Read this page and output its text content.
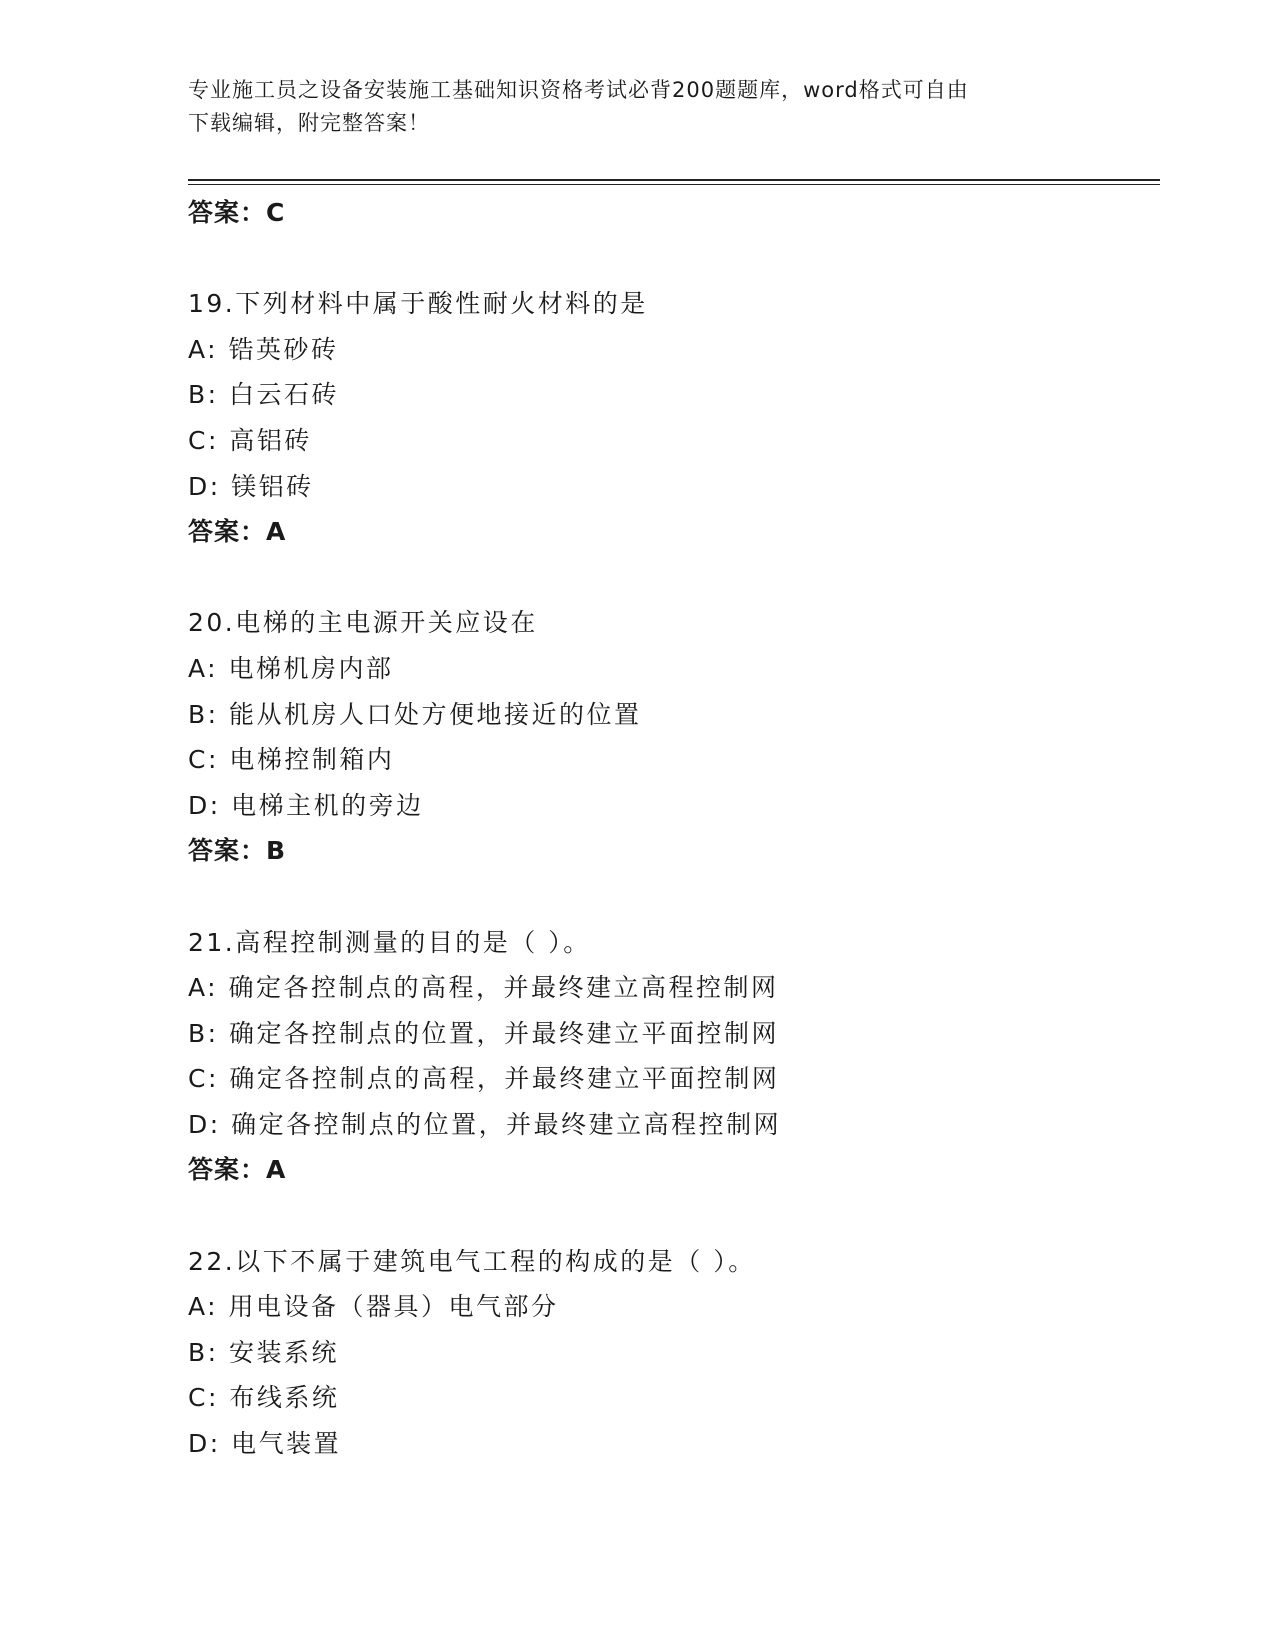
专业施工员之设备安装施工基础知识资格考试必背200题题库，word格式可自由
下载编辑，附完整答案！
答案：C
19.下列材料中属于酸性耐火材料的是
A: 锆英砂砖
B: 白云石砖
C: 高铝砖
D: 镁铝砖
答案：A
20.电梯的主电源开关应设在
A: 电梯机房内部
B: 能从机房人口处方便地接近的位置
C: 电梯控制箱内
D: 电梯主机的旁边
答案：B
21.高程控制测量的目的是（ ）。
A: 确定各控制点的高程，并最终建立高程控制网
B: 确定各控制点的位置，并最终建立平面控制网
C: 确定各控制点的高程，并最终建立平面控制网
D: 确定各控制点的位置，并最终建立高程控制网
答案：A
22.以下不属于建筑电气工程的构成的是（ ）。
A: 用电设备（器具）电气部分
B: 安装系统
C: 布线系统
D: 电气装置
